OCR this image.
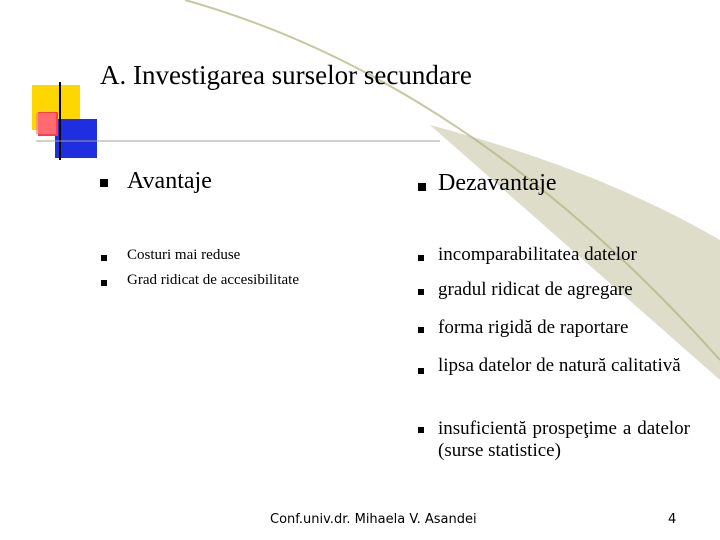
A. Investigarea surselor secundare
Avantaje
Costuri mai reduse
Grad ridicat de accesibilitate
Dezavantaje
incomparabilitatea datelor
gradul ridicat de agregare
forma rigidă de raportare
lipsa datelor de natură calitativă
insuficientă prospeţime a datelor (surse statistice)
Conf.univ.dr. Mihaela V. Asandei	4
